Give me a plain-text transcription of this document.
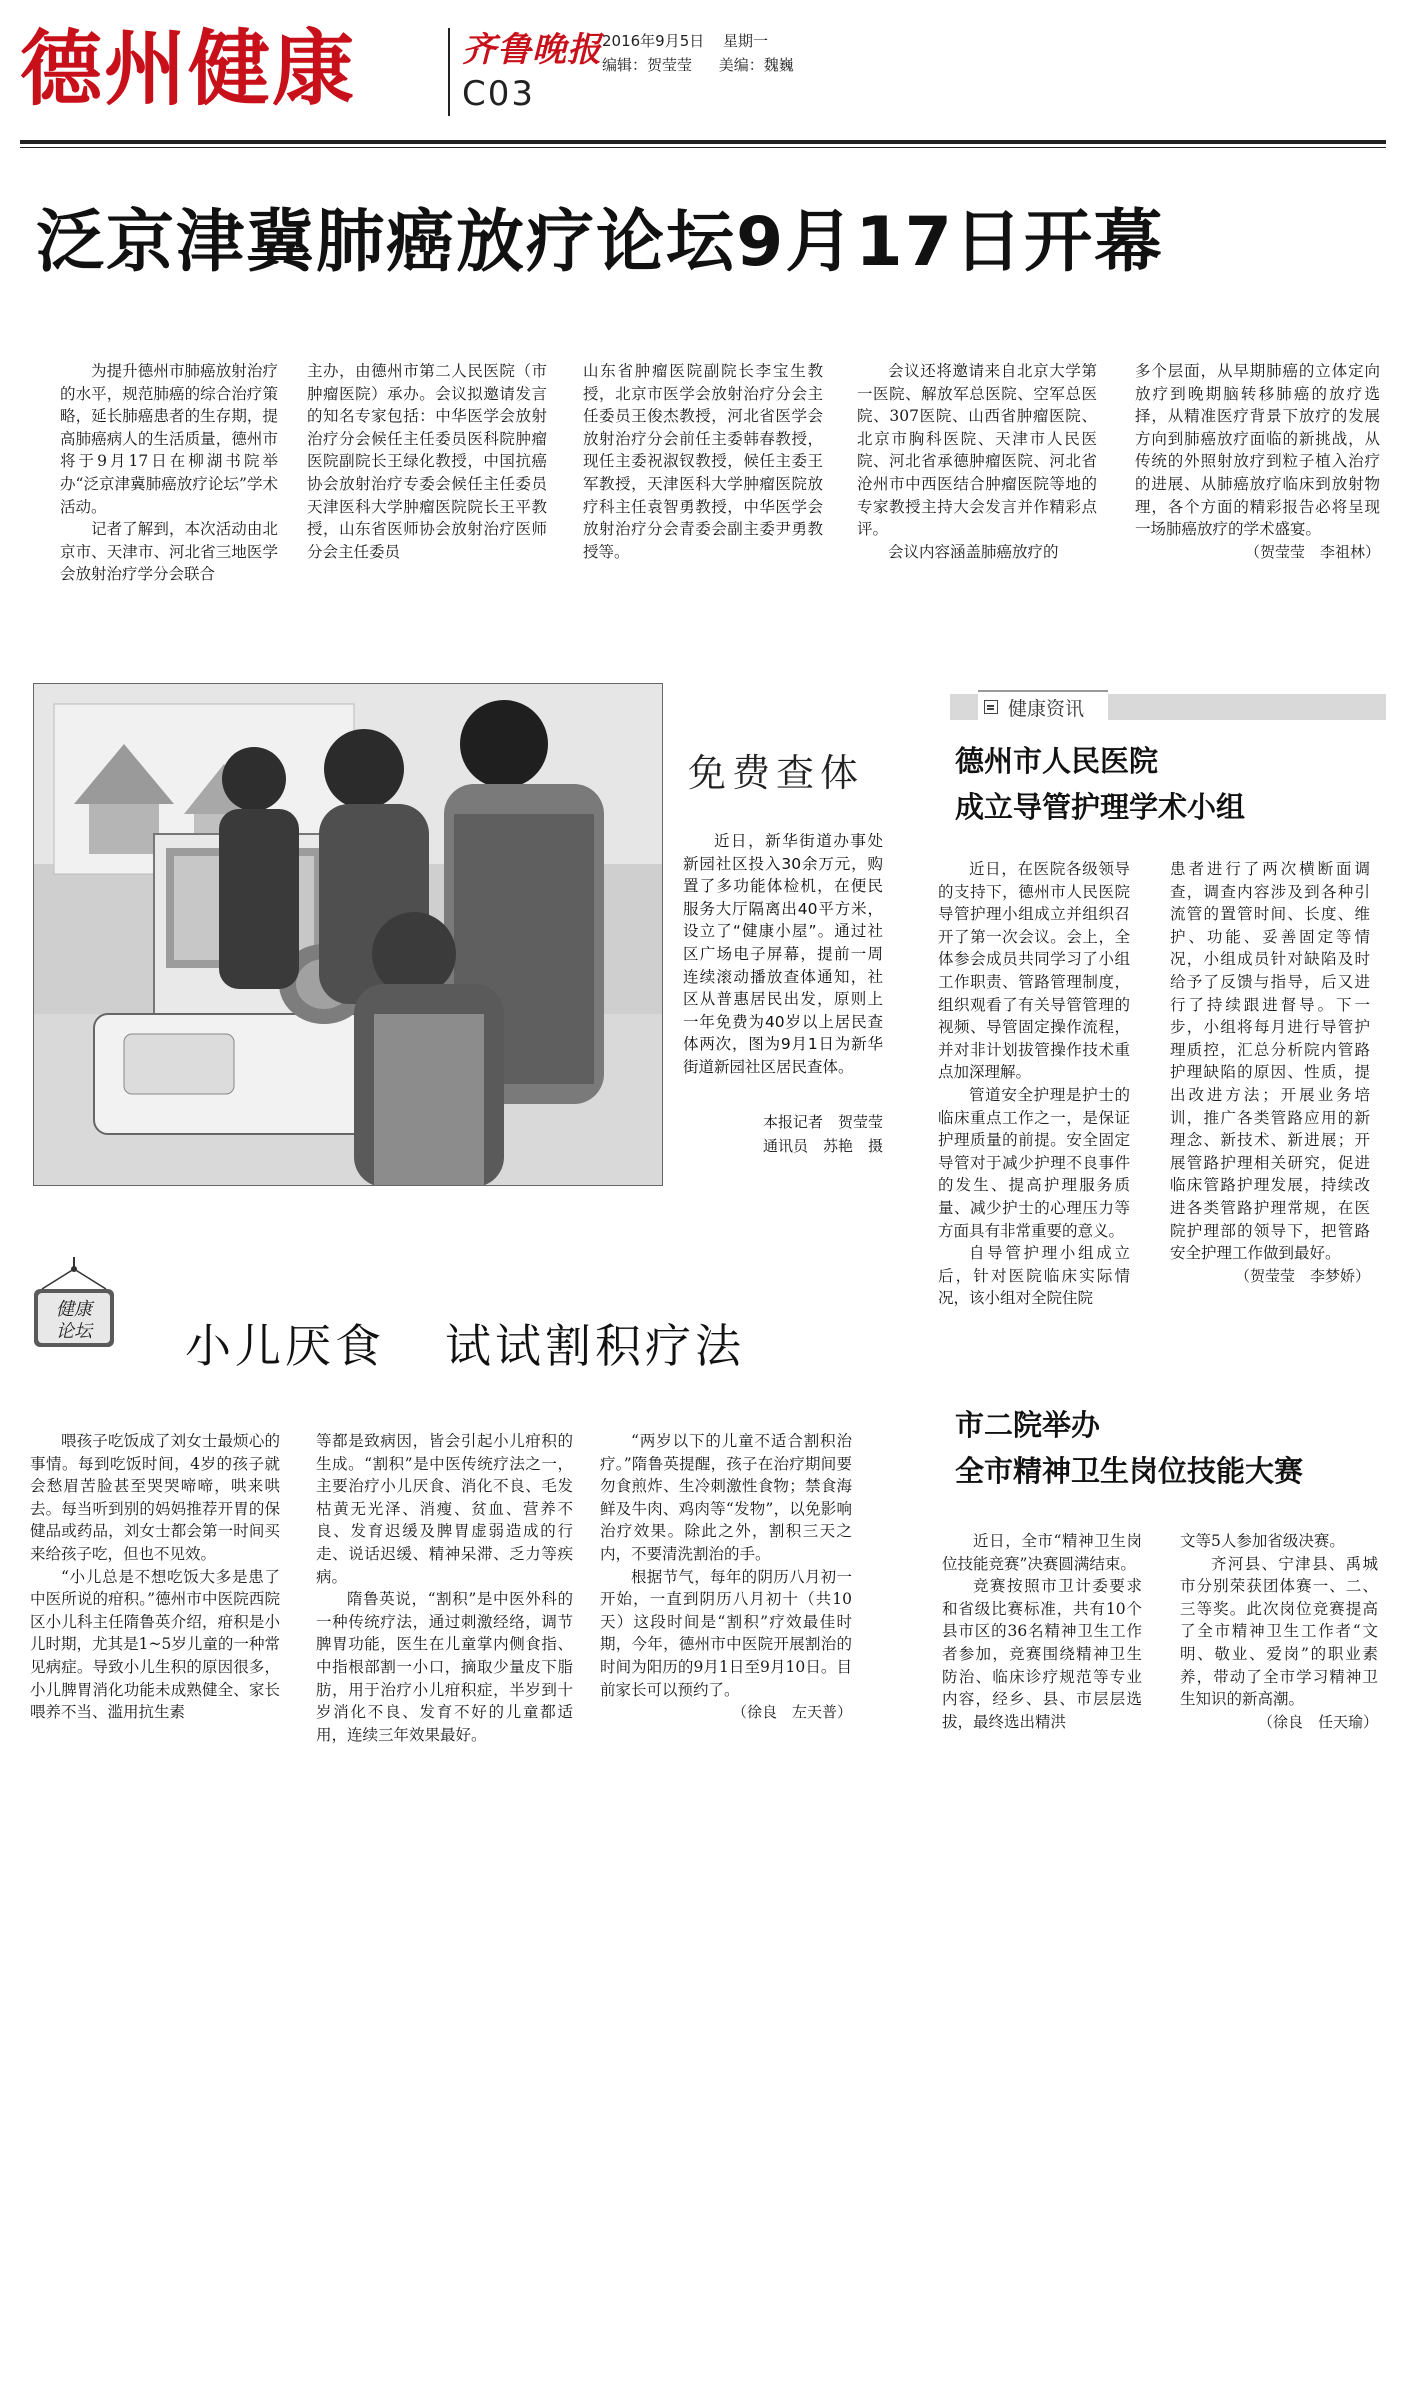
德州健康	齐鲁晚报
C03
2016年9月5日 星期一
编辑：贺莹莹 美编：魏巍
泛京津冀肺癌放疗论坛9月17日开幕

为提升德州市肺癌放射治疗的水平，规范肺癌的综合治疗策略，延长肺癌患者的生存期，提高肺癌病人的生活质量，德州市将于9月17日在柳湖书院举办“泛京津冀肺癌放疗论坛”学术活动。

记者了解到，本次活动由北京市、天津市、河北省三地医学会放射治疗学分会联合

主办，由德州市第二人民医院（市肿瘤医院）承办。会议拟邀请发言的知名专家包括：中华医学会放射治疗分会候任主任委员医科院肿瘤医院副院长王绿化教授，中国抗癌协会放射治疗专委会候任主任委员天津医科大学肿瘤医院院长王平教授，山东省医师协会放射治疗医师分会主任委员

山东省肿瘤医院副院长李宝生教授，北京市医学会放射治疗分会主任委员王俊杰教授，河北省医学会放射治疗分会前任主委韩春教授，现任主委祝淑钗教授，候任主委王军教授，天津医科大学肿瘤医院放疗科主任袁智勇教授，中华医学会放射治疗分会青委会副主委尹勇教授等。

会议还将邀请来自北京大学第一医院、解放军总医院、空军总医院、307医院、山西省肿瘤医院、北京市胸科医院、天津市人民医院、河北省承德肿瘤医院、河北省沧州市中西医结合肿瘤医院等地的专家教授主持大会发言并作精彩点评。

会议内容涵盖肺癌放疗的

多个层面，从早期肺癌的立体定向放疗到晚期脑转移肺癌的放疗选择，从精准医疗背景下放疗的发展方向到肺癌放疗面临的新挑战，从传统的外照射放疗到粒子植入治疗的进展、从肺癌放疗临床到放射物理，各个方面的精彩报告必将呈现一场肺癌放疗的学术盛宴。

（贺莹莹　李祖林）

免费查体

近日，新华街道办事处新园社区投入30余万元，购置了多功能体检机，在便民服务大厅隔离出40平方米，设立了“健康小屋”。通过社区广场电子屏幕，提前一周连续滚动播放查体通知，社区从普惠居民出发，原则上一年免费为40岁以上居民查体两次，图为9月1日为新华街道新园社区居民查体。

本报记者　贺莹莹
通讯员　苏艳　摄
健康资讯
德州市人民医院
成立导管护理学术小组

近日，在医院各级领导的支持下，德州市人民医院导管护理小组成立并组织召开了第一次会议。会上，全体参会成员共同学习了小组工作职责、管路管理制度，组织观看了有关导管管理的视频、导管固定操作流程，并对非计划拔管操作技术重点加深理解。

管道安全护理是护士的临床重点工作之一，是保证护理质量的前提。安全固定导管对于减少护理不良事件的发生、提高护理服务质量、减少护士的心理压力等方面具有非常重要的意义。

自导管护理小组成立后，针对医院临床实际情况，该小组对全院住院

患者进行了两次横断面调查，调查内容涉及到各种引流管的置管时间、长度、维护、功能、妥善固定等情况，小组成员针对缺陷及时给予了反馈与指导，后又进行了持续跟进督导。下一步，小组将每月进行导管护理质控，汇总分析院内管路护理缺陷的原因、性质，提出改进方法；开展业务培训，推广各类管路应用的新理念、新技术、新进展；开展管路护理相关研究，促进临床管路护理发展，持续改进各类管路护理常规，在医院护理部的领导下，把管路安全护理工作做到最好。

（贺莹莹　李梦娇）

市二院举办
全市精神卫生岗位技能大赛

近日，全市“精神卫生岗位技能竞赛”决赛圆满结束。

竞赛按照市卫计委要求和省级比赛标准，共有10个县市区的36名精神卫生工作者参加，竞赛围绕精神卫生防治、临床诊疗规范等专业内容，经乡、县、市层层选拔，最终选出精洪

文等5人参加省级决赛。

齐河县、宁津县、禹城市分别荣获团体赛一、二、三等奖。此次岗位竞赛提高了全市精神卫生工作者“文明、敬业、爱岗”的职业素养，带动了全市学习精神卫生知识的新高潮。

（徐良　任天瑜）

健康
论坛 小儿厌食 试试割积疗法

喂孩子吃饭成了刘女士最烦心的事情。每到吃饭时间，4岁的孩子就会愁眉苦脸甚至哭哭啼啼，哄来哄去。每当听到别的妈妈推荐开胃的保健品或药品，刘女士都会第一时间买来给孩子吃，但也不见效。

“小儿总是不想吃饭大多是患了中医所说的疳积。”德州市中医院西院区小儿科主任隋鲁英介绍，疳积是小儿时期，尤其是1~5岁儿童的一种常见病症。导致小儿生积的原因很多，小儿脾胃消化功能未成熟健全、家长喂养不当、滥用抗生素

等都是致病因，皆会引起小儿疳积的生成。“割积”是中医传统疗法之一，主要治疗小儿厌食、消化不良、毛发枯黄无光泽、消瘦、贫血、营养不良、发育迟缓及脾胃虚弱造成的行走、说话迟缓、精神呆滞、乏力等疾病。

隋鲁英说，“割积”是中医外科的一种传统疗法，通过刺激经络，调节脾胃功能，医生在儿童掌内侧食指、中指根部割一小口，摘取少量皮下脂肪，用于治疗小儿疳积症，半岁到十岁消化不良、发育不好的儿童都适用，连续三年效果最好。

“两岁以下的儿童不适合割积治疗。”隋鲁英提醒，孩子在治疗期间要勿食煎炸、生冷刺激性食物；禁食海鲜及牛肉、鸡肉等“发物”，以免影响治疗效果。除此之外，割积三天之内，不要清洗割治的手。

根据节气，每年的阴历八月初一开始，一直到阴历八月初十（共10天）这段时间是“割积”疗效最佳时期，今年，德州市中医院开展割治的时间为阳历的9月1日至9月10日。目前家长可以预约了。

（徐良　左天普）
